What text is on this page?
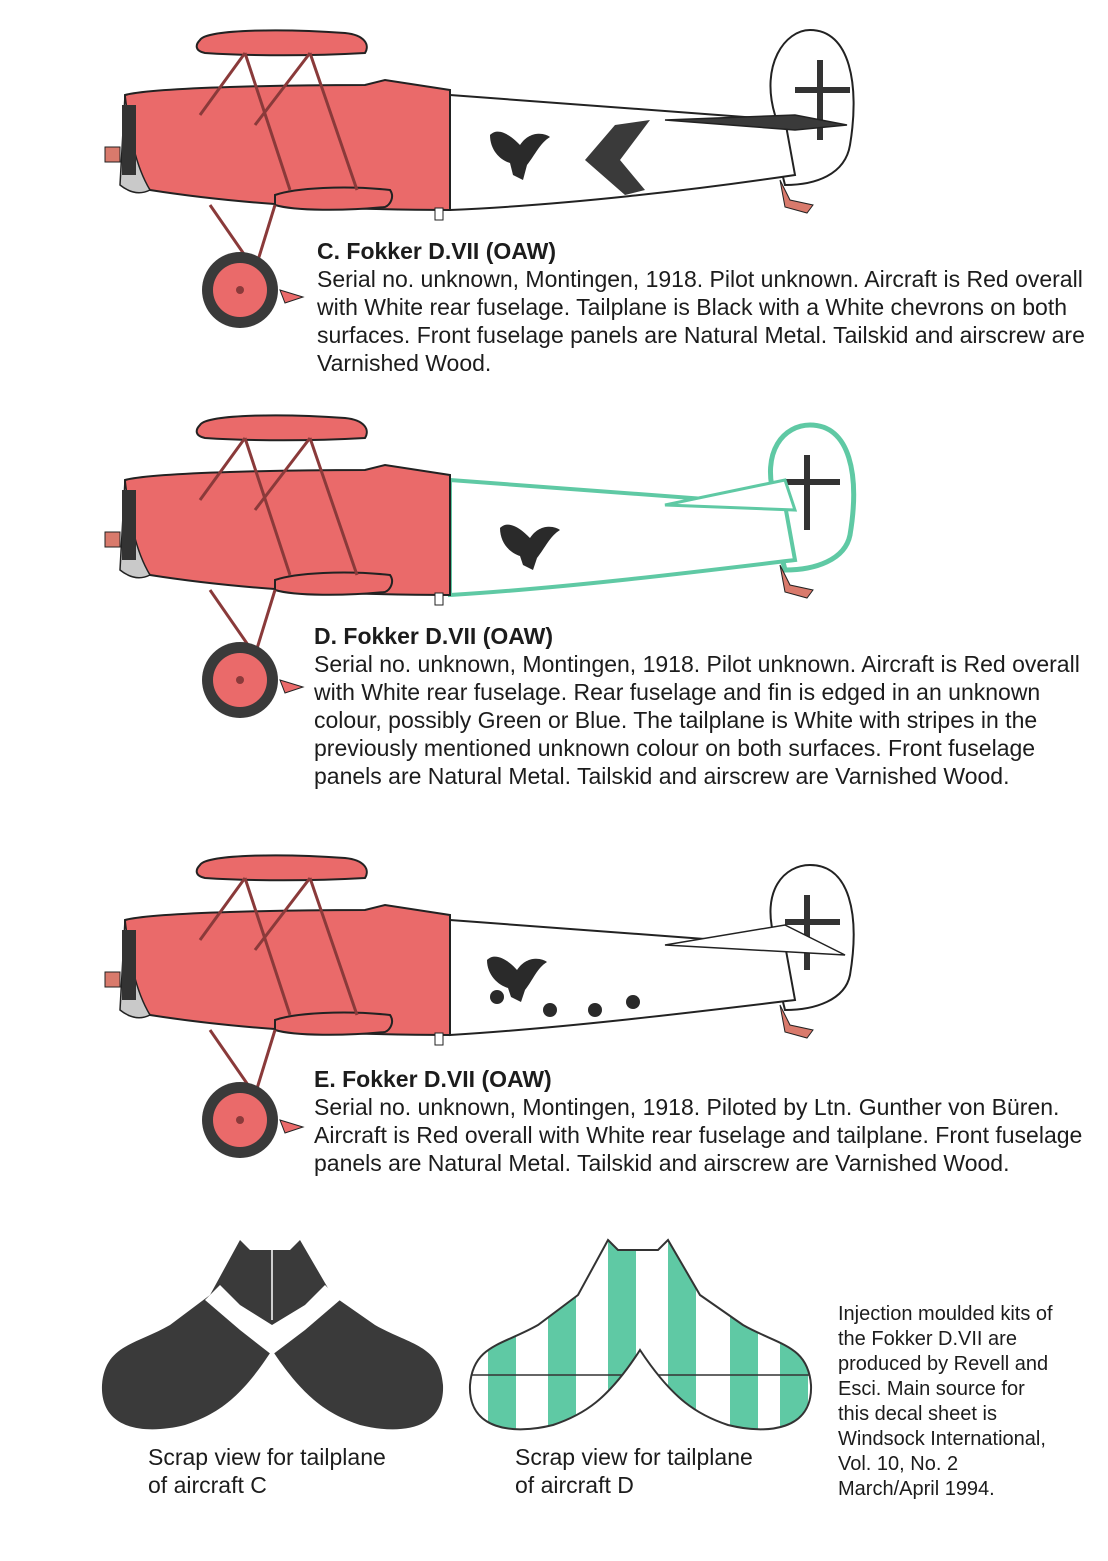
C. Fokker D.VII (OAW)
Serial no. unknown, Montingen, 1918. Pilot unknown. Aircraft is Red overall with White rear fuselage. Tailplane is Black with a White chevrons on both surfaces. Front fuselage panels are Natural Metal. Tailskid and airscrew are Varnished Wood.
D. Fokker D.VII (OAW)
Serial no. unknown, Montingen, 1918. Pilot unknown. Aircraft is Red overall with White rear fuselage. Rear fuselage and fin is edged in an unknown colour, possibly Green or Blue. The tailplane is White with stripes in the previously mentioned unknown colour on both surfaces. Front fuselage panels are Natural Metal. Tailskid and airscrew are Varnished Wood.
E. Fokker D.VII (OAW)
Serial no. unknown, Montingen, 1918. Piloted by Ltn. Gunther von Büren. Aircraft is Red overall with White rear fuselage and tailplane. Front fuselage panels are Natural Metal. Tailskid and airscrew are Varnished Wood.
Scrap view for tailplane
of aircraft C
Scrap view for tailplane
of aircraft D
Injection moulded kits of
the Fokker D.VII are
produced by Revell and
Esci. Main source for
this decal sheet is
Windsock International,
Vol. 10, No. 2
March/April 1994.
